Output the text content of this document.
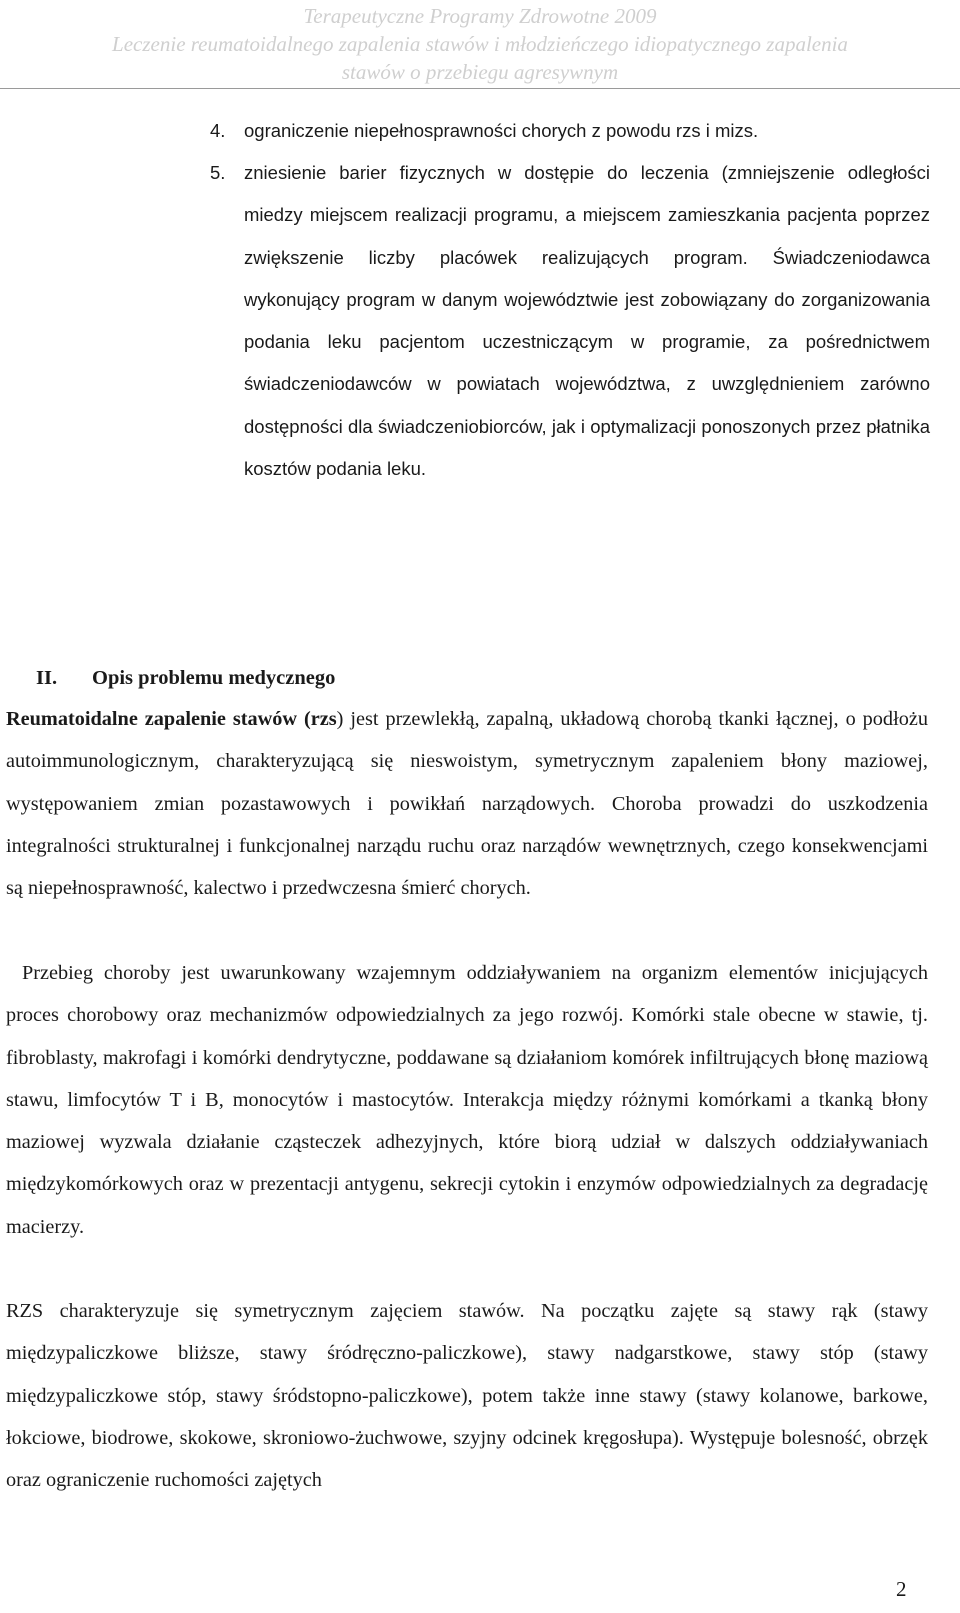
Terapeutyczne Programy Zdrowotne 2009
Leczenie reumatoidalnego zapalenia stawów i młodzieńczego idiopatycznego zapalenia
stawów o przebiegu agresywnym
4. ograniczenie niepełnosprawności chorych z powodu rzs i mizs.
5. zniesienie barier fizycznych w dostępie do leczenia (zmniejszenie odległości miedzy miejscem realizacji programu, a miejscem zamieszkania pacjenta poprzez zwiększenie liczby placówek realizujących program. Świadczeniodawca wykonujący program w danym województwie jest zobowiązany do zorganizowania podania leku pacjentom uczestniczącym w programie, za pośrednictwem świadczeniodawców w powiatach województwa, z uwzględnieniem zarówno dostępności dla świadczeniobiorców, jak i optymalizacji ponoszonych przez płatnika kosztów podania leku.
II. Opis problemu medycznego
Reumatoidalne zapalenie stawów (rzs) jest przewlekłą, zapalną, układową chorobą tkanki łącznej, o podłożu autoimmunologicznym, charakteryzującą się nieswoistym, symetrycznym zapaleniem błony maziowej, występowaniem zmian pozastawowych i powikłań narządowych. Choroba prowadzi do uszkodzenia integralności strukturalnej i funkcjonalnej narządu ruchu oraz narządów wewnętrznych, czego konsekwencjami są niepełnosprawność, kalectwo i przedwczesna śmierć chorych.
Przebieg choroby jest uwarunkowany wzajemnym oddziaływaniem na organizm elementów inicjujących proces chorobowy oraz mechanizmów odpowiedzialnych za jego rozwój. Komórki stale obecne w stawie, tj. fibroblasty, makrofagi i komórki dendrytyczne, poddawane są działaniom komórek infiltrujących błonę maziową stawu, limfocytów T i B, monocytów i mastocytów. Interakcja między różnymi komórkami a tkanką błony maziowej wyzwala działanie cząsteczek adhezyjnych, które biorą udział w dalszych oddziaływaniach międzykomórkowych oraz w prezentacji antygenu, sekrecji cytokin i enzymów odpowiedzialnych za degradację macierzy.
RZS charakteryzuje się symetrycznym zajęciem stawów. Na początku zajęte są stawy rąk (stawy międzypaliczkowe bliższe, stawy śródręczno-paliczkowe), stawy nadgarstkowe, stawy stóp (stawy międzypaliczkowe stóp, stawy śródstopno-paliczkowe), potem także inne stawy (stawy kolanowe, barkowe, łokciowe, biodrowe, skokowe, skroniowo-żuchwowe, szyjny odcinek kręgosłupa). Występuje bolesność, obrzęk oraz ograniczenie ruchomości zajętych
2
